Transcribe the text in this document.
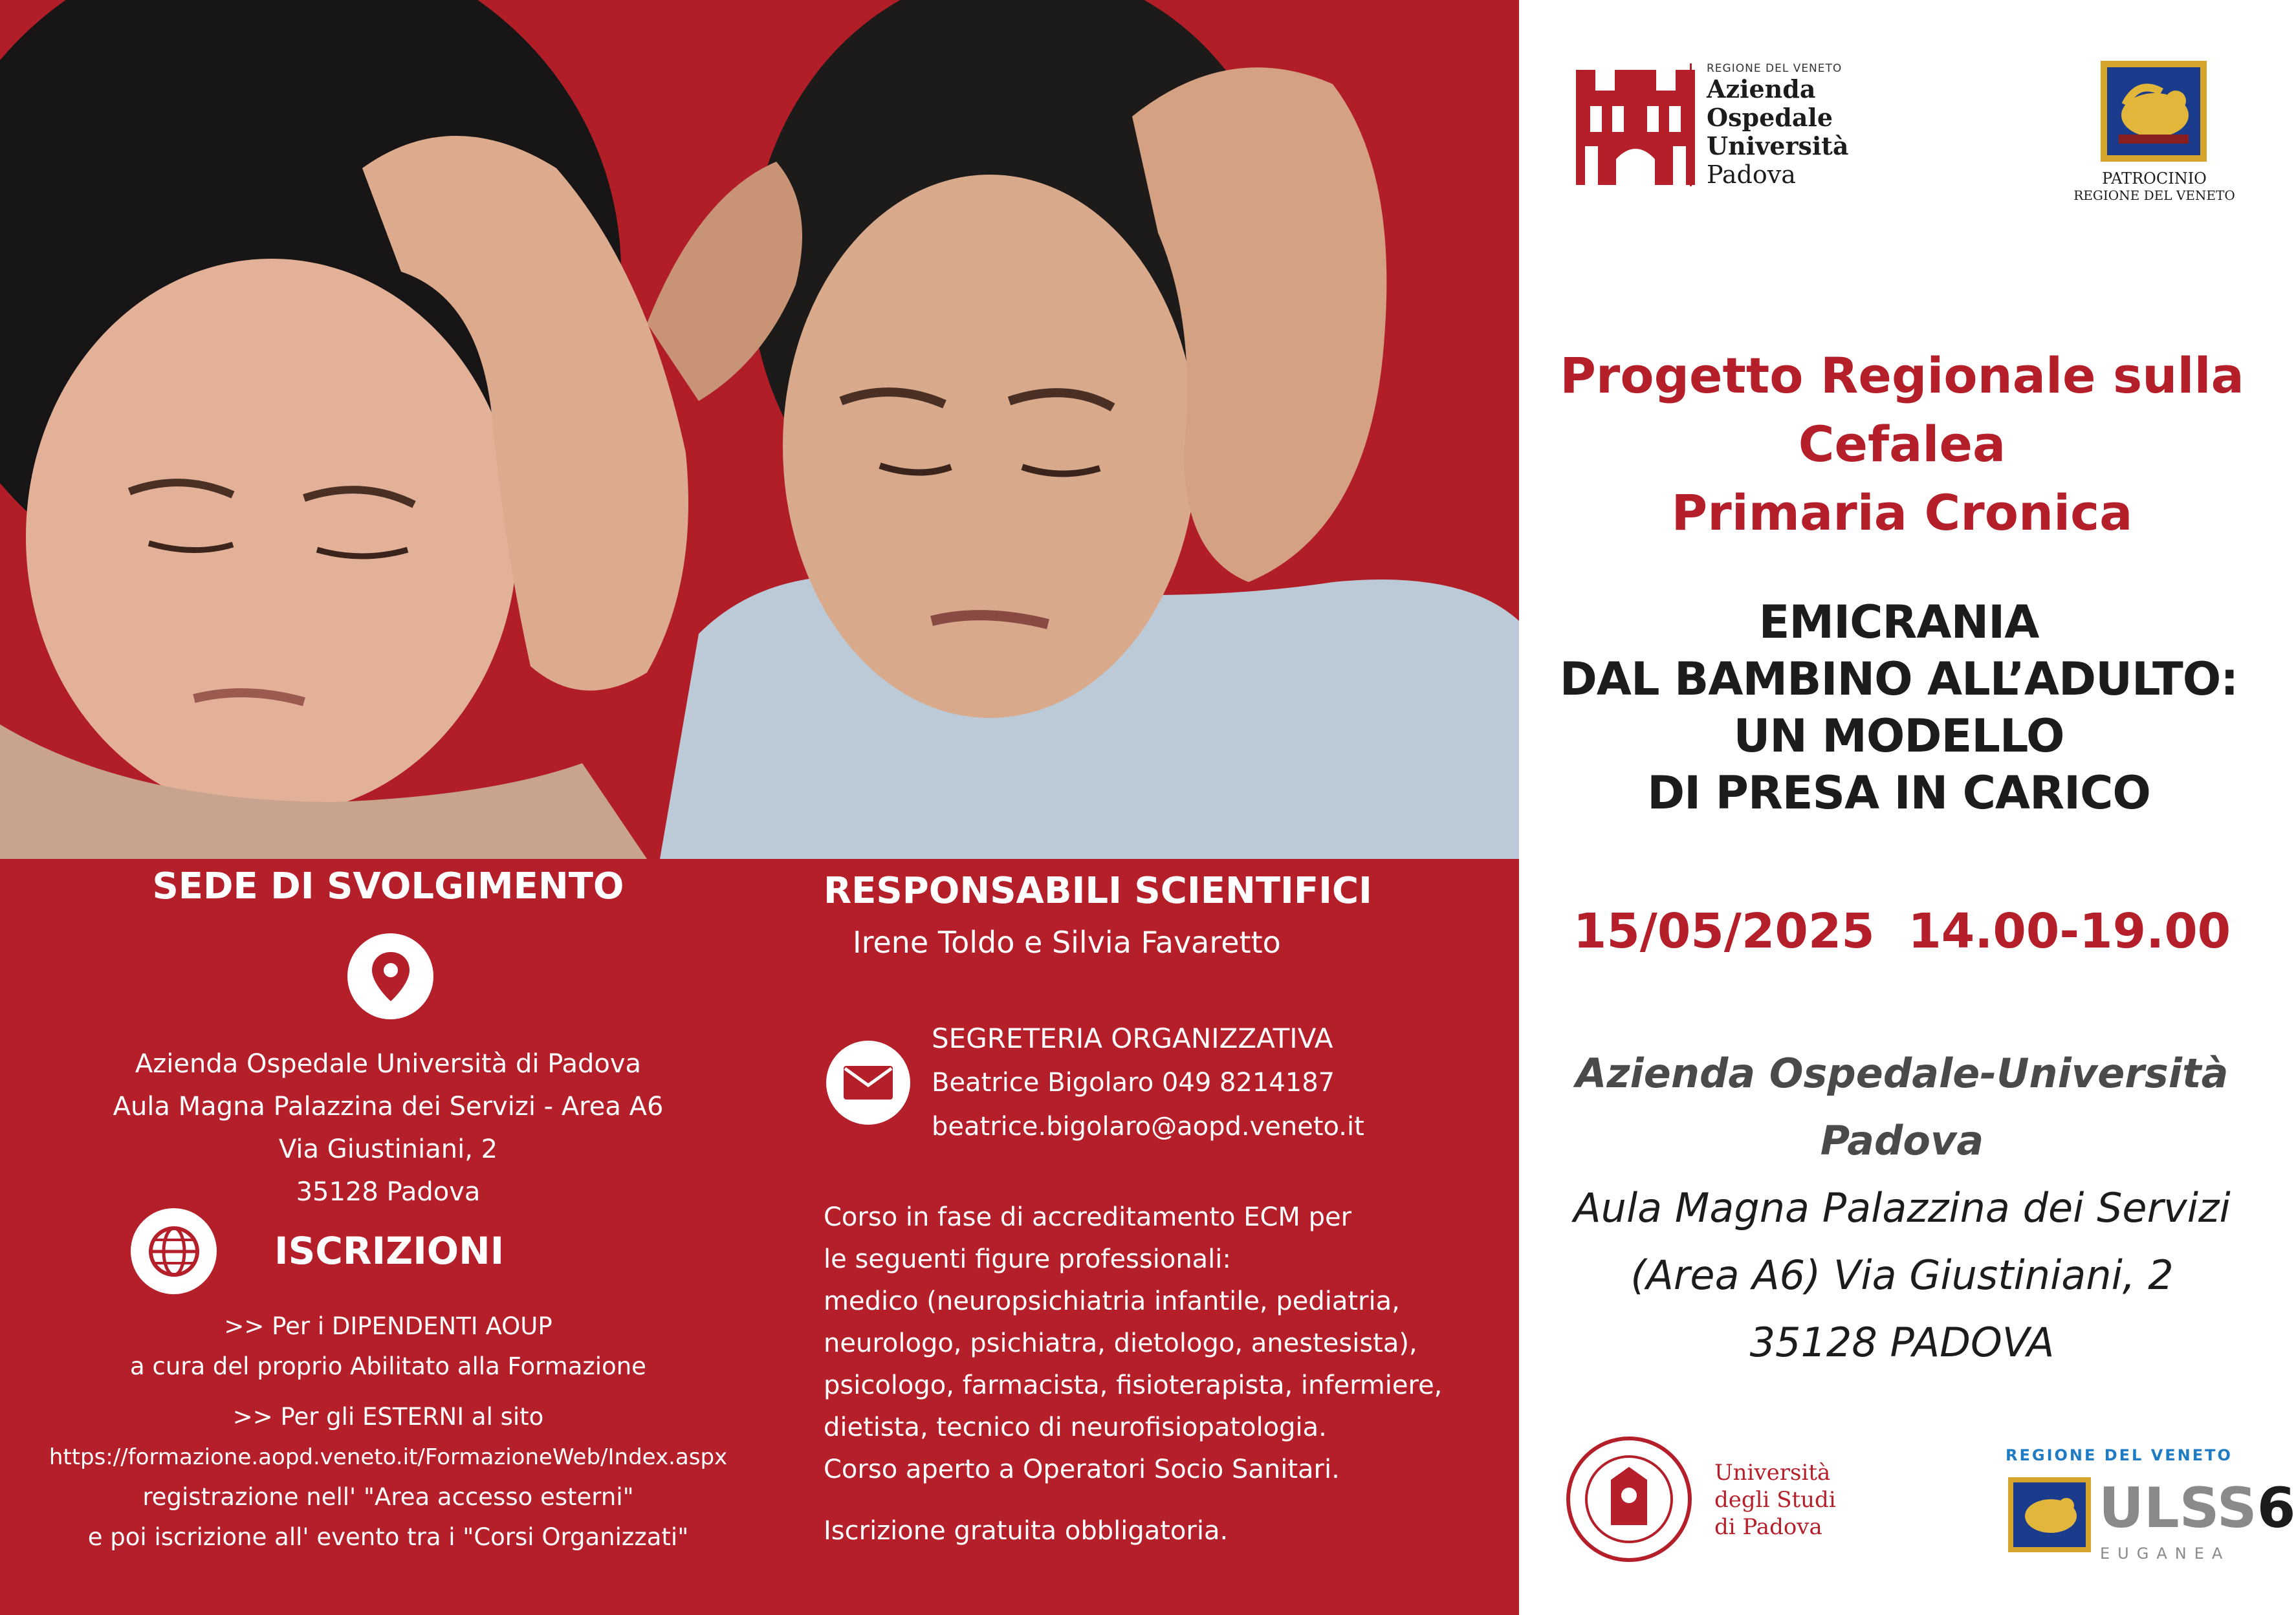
SEDE DI SVOLGIMENTO
Azienda Ospedale Università di Padova
Aula Magna Palazzina dei Servizi - Area A6
Via Giustiniani, 2
35128 Padova
ISCRIZIONI
>> Per i DIPENDENTI AOUP
a cura del proprio Abilitato alla Formazione
>> Per gli ESTERNI al sito
https://formazione.aopd.veneto.it/FormazioneWeb/Index.aspx
registrazione nell' "Area accesso esterni"
e poi iscrizione all' evento tra i "Corsi Organizzati"
RESPONSABILI SCIENTIFICI
Irene Toldo e Silvia Favaretto
SEGRETERIA ORGANIZZATIVA
Beatrice Bigolaro 049 8214187
beatrice.bigolaro@aopd.veneto.it
Corso in fase di accreditamento ECM per
le seguenti figure professionali:
medico (neuropsichiatria infantile, pediatria,
neurologo, psichiatra, dietologo, anestesista),
psicologo, farmacista, fisioterapista, infermiere,
dietista, tecnico di neurofisiopatologia.
Corso aperto a Operatori Socio Sanitari.
Iscrizione gratuita obbligatoria.
REGIONE DEL VENETO
Azienda
Ospedale
Università
Padova	PATROCINIO
REGIONE DEL VENETO
Progetto Regionale sulla
Cefalea
Primaria Cronica
EMICRANIA
DAL BAMBINO ALL’ADULTO:
UN MODELLO
DI PRESA IN CARICO
15/05/2025  14.00-19.00
Azienda Ospedale-Università
Padova
Aula Magna Palazzina dei Servizi
(Area A6) Via Giustiniani, 2
35128 PADOVA
Università
degli Studi
di Padova
REGIONE DEL VENETO
ULSS6
EUGANEA
